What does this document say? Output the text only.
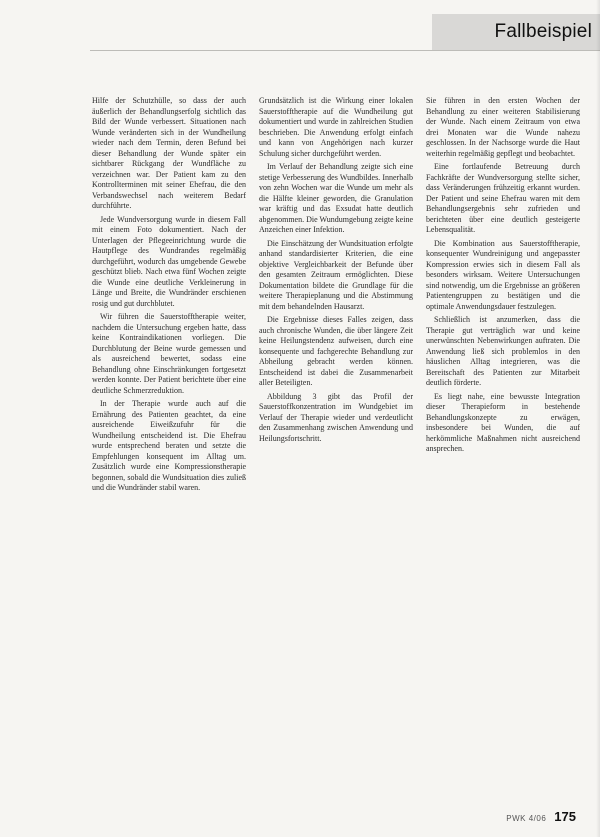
Fallbeispiel

Hilfe der Schutzhülle, so dass der auch äußerlich der Behandlungserfolg sichtlich das Bild der Wunde verbessert. Situationen nach Wunde veränderten sich in der Wundheilung wieder nach dem Termin, deren Befund bei dieser Behandlung der Wunde später ein sichtbarer Rückgang der Wundfläche zu verzeichnen war. Der Patient kam zu den Kontrollterminen mit seiner Ehefrau, die den Verbandswechsel nach weiterem Bedarf durchführte.

Jede Wundversorgung wurde in diesem Fall mit einem Foto dokumentiert. Nach der Unterlagen der Pflegeeinrichtung wurde die Hautpflege des Wundrandes regelmäßig durchgeführt, wodurch das umgebende Gewebe geschützt blieb. Nach etwa fünf Wochen zeigte die Wunde eine deutliche Verkleinerung in Länge und Breite, die Wundränder erschienen rosig und gut durchblutet.

Wir führen die Sauerstofftherapie weiter, nachdem die Untersuchung ergeben hatte, dass keine Kontraindikationen vorliegen. Die Durchblutung der Beine wurde gemessen und als ausreichend bewertet, sodass eine Behandlung ohne Einschränkungen fortgesetzt werden konnte. Der Patient berichtete über eine deutliche Schmerzreduktion.

In der Therapie wurde auch auf die Ernährung des Patienten geachtet, da eine ausreichende Eiweißzufuhr für die Wundheilung entscheidend ist. Die Ehefrau wurde entsprechend beraten und setzte die Empfehlungen konsequent im Alltag um. Zusätzlich wurde eine Kompressionstherapie begonnen, sobald die Wundsituation dies zuließ und die Wundränder stabil waren.

Grundsätzlich ist die Wirkung einer lokalen Sauerstofftherapie auf die Wundheilung gut dokumentiert und wurde in zahlreichen Studien beschrieben. Die Anwendung erfolgt einfach und kann von Angehörigen nach kurzer Schulung sicher durchgeführt werden.

Im Verlauf der Behandlung zeigte sich eine stetige Verbesserung des Wundbildes. Innerhalb von zehn Wochen war die Wunde um mehr als die Hälfte kleiner geworden, die Granulation war kräftig und das Exsudat hatte deutlich abgenommen. Die Wundumgebung zeigte keine Anzeichen einer Infektion.

Die Einschätzung der Wundsituation erfolgte anhand standardisierter Kriterien, die eine objektive Vergleichbarkeit der Befunde über den gesamten Zeitraum ermöglichten. Diese Dokumentation bildete die Grundlage für die weitere Therapieplanung und die Abstimmung mit dem behandelnden Hausarzt.

Die Ergebnisse dieses Falles zeigen, dass auch chronische Wunden, die über längere Zeit keine Heilungstendenz aufweisen, durch eine konsequente und fachgerechte Behandlung zur Abheilung gebracht werden können. Entscheidend ist dabei die Zusammenarbeit aller Beteiligten.

Abbildung 3 gibt das Profil der Sauerstoffkonzentration im Wundgebiet im Verlauf der Therapie wieder und verdeutlicht den Zusammenhang zwischen Anwendung und Heilungsfortschritt.

Sie führen in den ersten Wochen der Behandlung zu einer weiteren Stabilisierung der Wunde. Nach einem Zeitraum von etwa drei Monaten war die Wunde nahezu geschlossen. In der Nachsorge wurde die Haut weiterhin regelmäßig gepflegt und beobachtet.

Eine fortlaufende Betreuung durch Fachkräfte der Wundversorgung stellte sicher, dass Veränderungen frühzeitig erkannt wurden. Der Patient und seine Ehefrau waren mit dem Behandlungsergebnis sehr zufrieden und berichteten über eine deutlich gesteigerte Lebensqualität.

Die Kombination aus Sauerstofftherapie, konsequenter Wundreinigung und angepasster Kompression erwies sich in diesem Fall als besonders wirksam. Weitere Untersuchungen sind notwendig, um die Ergebnisse an größeren Patientengruppen zu bestätigen und die optimale Anwendungsdauer festzulegen.

Schließlich ist anzumerken, dass die Therapie gut verträglich war und keine unerwünschten Nebenwirkungen auftraten. Die Anwendung ließ sich problemlos in den häuslichen Alltag integrieren, was die Bereitschaft des Patienten zur Mitarbeit deutlich förderte.

Es liegt nahe, eine bewusste Integration dieser Therapieform in bestehende Behandlungskonzepte zu erwägen, insbesondere bei Wunden, die auf herkömmliche Maßnahmen nicht ausreichend ansprechen.

PWK 4/06 175
